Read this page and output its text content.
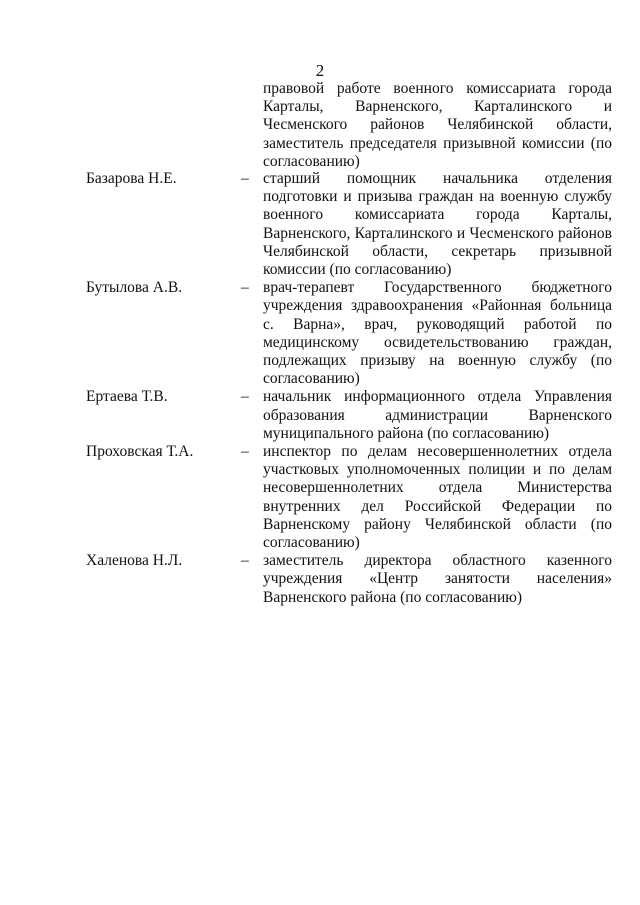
2
правовой работе военного комиссариата города Карталы, Варненского, Карталинского и Чесменского районов Челябинской области, заместитель председателя призывной комиссии (по согласованию)
Базарова Н.Е.	– старший помощник начальника отделения подготовки и призыва граждан на военную службу военного комиссариата города Карталы, Варненского, Карталинского и Чесменского районов Челябинской области, секретарь призывной комиссии (по согласованию)
Бутылова А.В.	– врач-терапевт Государственного бюджетного учреждения здравоохранения «Районная больница с. Варна», врач, руководящий работой по медицинскому освидетельствованию граждан, подлежащих призыву на военную службу (по согласованию)
Ертаева Т.В.	– начальник информационного отдела Управления образования администрации Варненского муниципального района (по согласованию)
Проховская Т.А.	– инспектор по делам несовершеннолетних отдела участковых уполномоченных полиции и по делам несовершеннолетних отдела Министерства внутренних дел Российской Федерации по Варненскому району Челябинской области (по согласованию)
Халенова Н.Л.	– заместитель директора областного казенного учреждения «Центр занятости населения» Варненского района (по согласованию)
